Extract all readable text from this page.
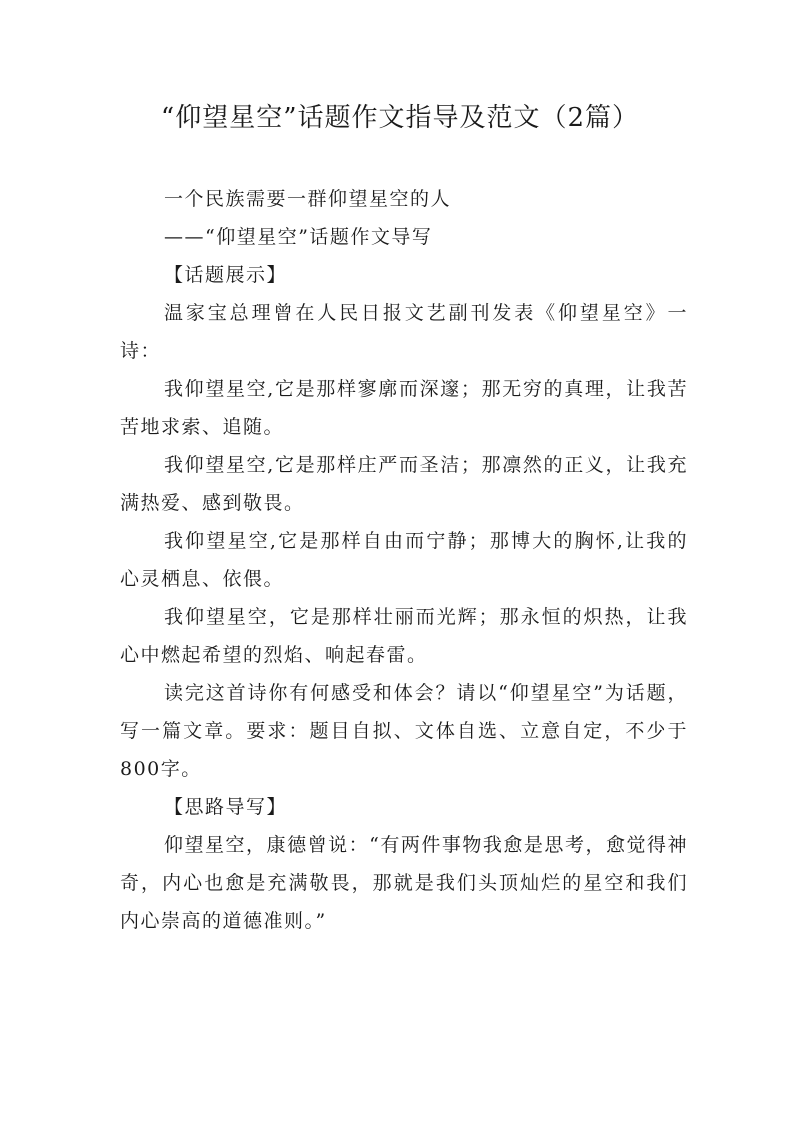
“仰望星空”话题作文指导及范文（2篇）

一个民族需要一群仰望星空的人

——“仰望星空”话题作文导写

【话题展示】

温家宝总理曾在人民日报文艺副刊发表《仰望星空》一诗：

我仰望星空,它是那样寥廓而深邃；那无穷的真理，让我苦苦地求索、追随。

我仰望星空,它是那样庄严而圣洁；那凛然的正义，让我充满热爱、感到敬畏。

我仰望星空,它是那样自由而宁静；那博大的胸怀,让我的心灵栖息、依偎。

我仰望星空，它是那样壮丽而光辉；那永恒的炽热，让我心中燃起希望的烈焰、响起春雷。

读完这首诗你有何感受和体会？请以“仰望星空”为话题，写一篇文章。要求：题目自拟、文体自选、立意自定，不少于800字。

【思路导写】

仰望星空，康德曾说：“有两件事物我愈是思考，愈觉得神奇，内心也愈是充满敬畏，那就是我们头顶灿烂的星空和我们内心崇高的道德准则。”
